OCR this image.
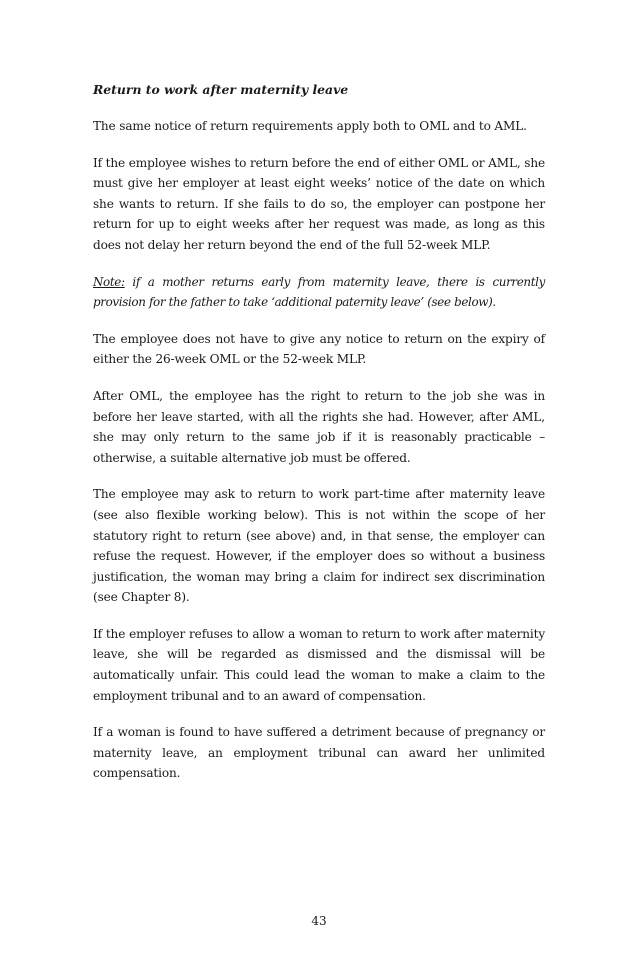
Return to work after maternity leave

The same notice of return requirements apply both to OML and to AML.

If the employee wishes to return before the end of either OML or AML, she must give her employer at least eight weeks’ notice of the date on which she wants to return. If she fails to do so, the employer can postpone her return for up to eight weeks after her request was made, as long as this does not delay her return beyond the end of the full 52-week MLP.

Note: if a mother returns early from maternity leave, there is currently provision for the father to take ‘additional paternity leave’ (see below).

The employee does not have to give any notice to return on the expiry of either the 26-week OML or the 52-week MLP.

After OML, the employee has the right to return to the job she was in before her leave started, with all the rights she had. However, after AML, she may only return to the same job if it is reasonably practicable – otherwise, a suitable alternative job must be offered.

The employee may ask to return to work part-time after maternity leave (see also flexible working below). This is not within the scope of her statutory right to return (see above) and, in that sense, the employer can refuse the request. However, if the employer does so without a business justification, the woman may bring a claim for indirect sex discrimination (see Chapter 8).

If the employer refuses to allow a woman to return to work after maternity leave, she will be regarded as dismissed and the dismissal will be automatically unfair. This could lead the woman to make a claim to the employment tribunal and to an award of compensation.

If a woman is found to have suffered a detriment because of pregnancy or maternity leave, an employment tribunal can award her unlimited compensation.

43
